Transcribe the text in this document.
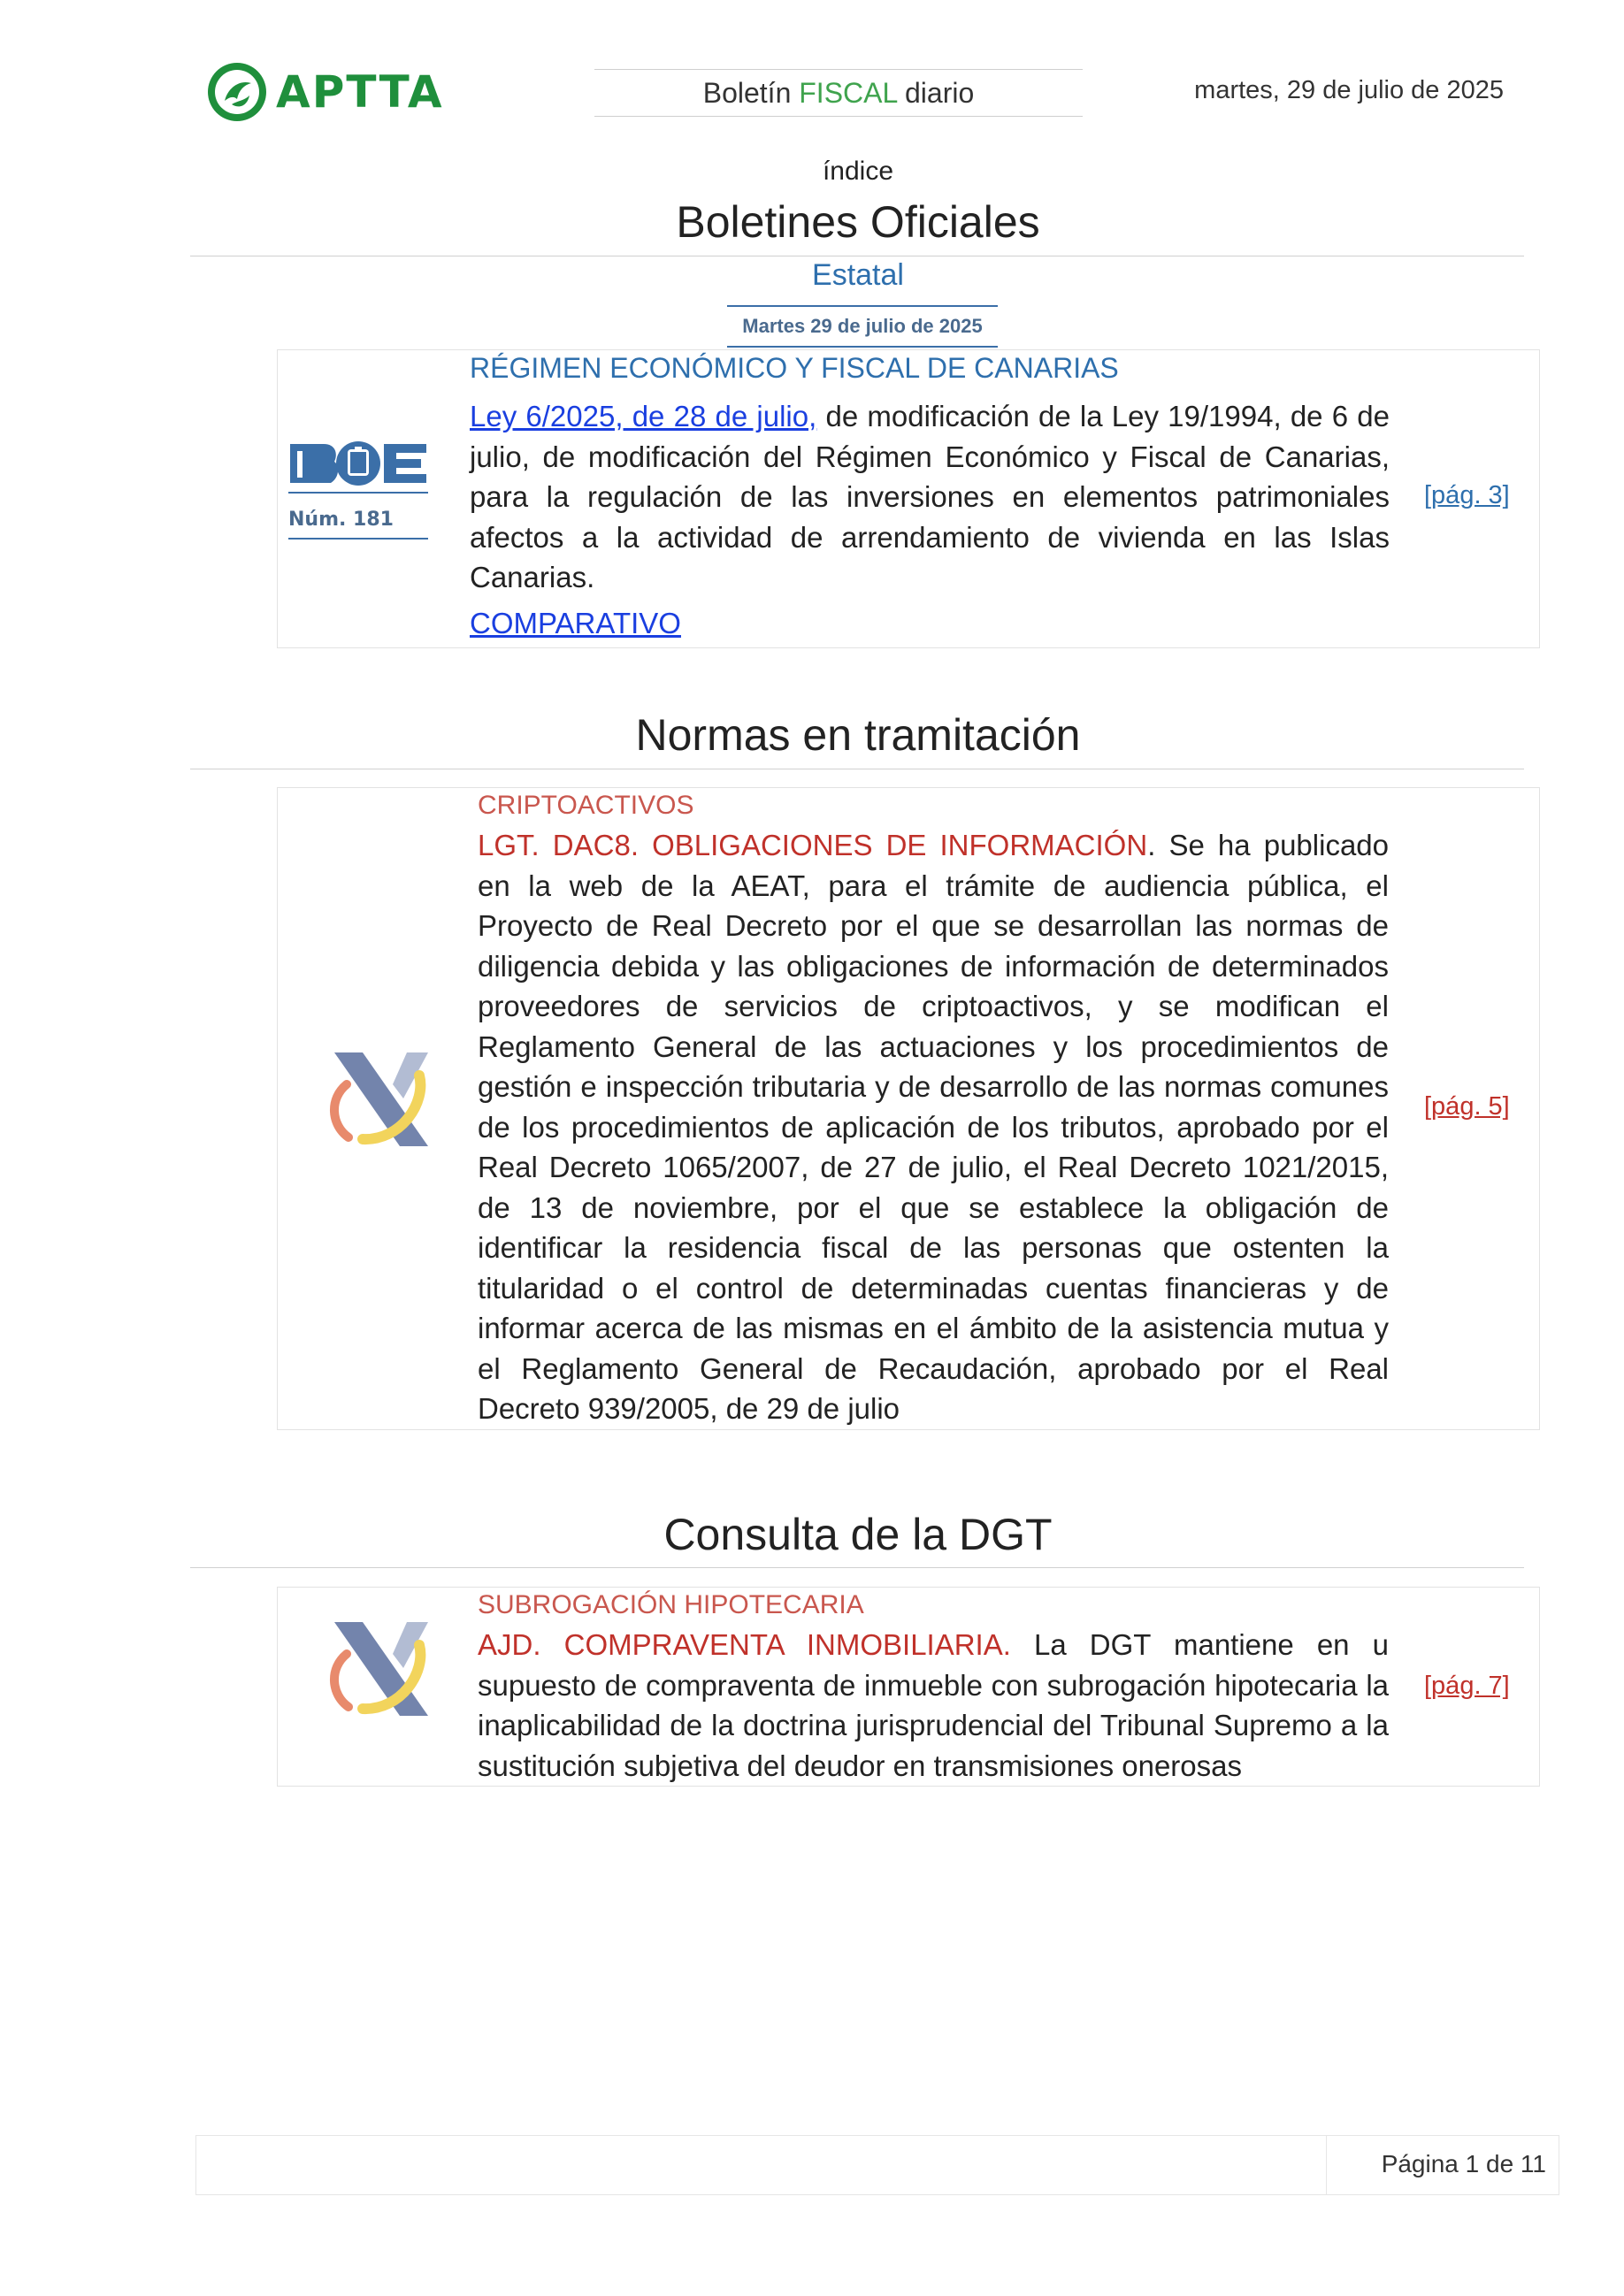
APTTA	Boletín FISCAL diario	martes, 29 de julio de 2025
índice
Boletines Oficiales
Estatal
Martes 29 de julio de 2025
Núm. 181
RÉGIMEN ECONÓMICO Y FISCAL DE CANARIAS
Ley 6/2025, de 28 de julio, de modificación de la Ley 19/1994, de 6 de julio, de modificación del Régimen Económico y Fiscal de Canarias, para la regulación de las inversiones en elementos patrimoniales afectos a la actividad de arrendamiento de vivienda en las Islas Canarias.
COMPARATIVO
[pág. 3]
Normas en tramitación
CRIPTOACTIVOS
LGT. DAC8. OBLIGACIONES DE INFORMACIÓN. Se ha publicado en la web de la AEAT, para el trámite de audiencia pública, el Proyecto de Real Decreto por el que se desarrollan las normas de diligencia debida y las obligaciones de información de determinados proveedores de servicios de criptoactivos, y se modifican el Reglamento General de las actuaciones y los procedimientos de gestión e inspección tributaria y de desarrollo de las normas comunes de los procedimientos de aplicación de los tributos, aprobado por el Real Decreto 1065/2007, de 27 de julio, el Real Decreto 1021/2015, de 13 de noviembre, por el que se establece la obligación de identificar la residencia fiscal de las personas que ostenten la titularidad o el control de determinadas cuentas financieras y de informar acerca de las mismas en el ámbito de la asistencia mutua y el Reglamento General de Recaudación, aprobado por el Real Decreto 939/2005, de 29 de julio
[pág. 5]
Consulta de la DGT
SUBROGACIÓN HIPOTECARIA
AJD. COMPRAVENTA INMOBILIARIA. La DGT mantiene en u supuesto de compraventa de inmueble con subrogación hipotecaria la inaplicabilidad de la doctrina jurisprudencial del Tribunal Supremo a la sustitución subjetiva del deudor en transmisiones onerosas
[pág. 7]
Página 1 de 11
